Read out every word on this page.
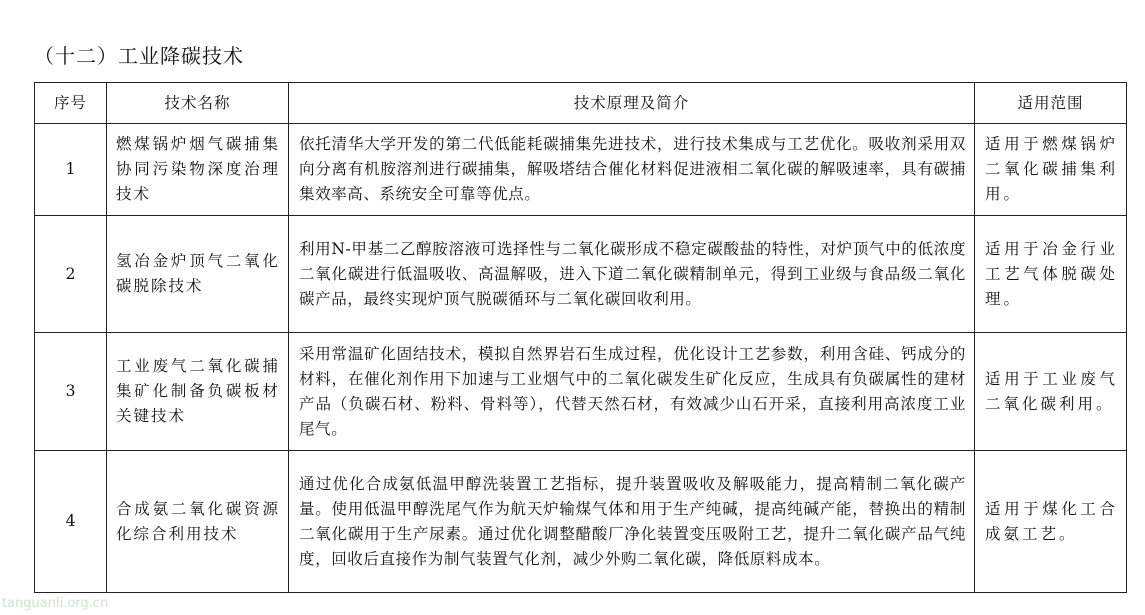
（十二）工业降碳技术
序号	技术名称	技术原理及简介	适用范围
1	燃煤锅炉烟气碳捕集协同污染物深度治理技术	依托清华大学开发的第二代低能耗碳捕集先进技术，进行技术集成与工艺优化。吸收剂采用双向分离有机胺溶剂进行碳捕集，解吸塔结合催化材料促进液相二氧化碳的解吸速率，具有碳捕集效率高、系统安全可靠等优点。	适用于燃煤锅炉二氧化碳捕集利用。
2	氢冶金炉顶气二氧化碳脱除技术	利用N-甲基二乙醇胺溶液可选择性与二氧化碳形成不稳定碳酸盐的特性，对炉顶气中的低浓度二氧化碳进行低温吸收、高温解吸，进入下道二氧化碳精制单元，得到工业级与食品级二氧化碳产品，最终实现炉顶气脱碳循环与二氧化碳回收利用。	适用于冶金行业工艺气体脱碳处理。
3	工业废气二氧化碳捕集矿化制备负碳板材关键技术	采用常温矿化固结技术，模拟自然界岩石生成过程，优化设计工艺参数，利用含硅、钙成分的材料，在催化剂作用下加速与工业烟气中的二氧化碳发生矿化反应，生成具有负碳属性的建材产品（负碳石材、粉料、骨料等），代替天然石材，有效减少山石开采，直接利用高浓度工业尾气。	适用于工业废气二氧化碳利用。
4	合成氨二氧化碳资源化综合利用技术	通过优化合成氨低温甲醇洗装置工艺指标，提升装置吸收及解吸能力，提高精制二氧化碳产量。使用低温甲醇洗尾气作为航天炉输煤气体和用于生产纯碱，提高纯碱产能，替换出的精制二氧化碳用于生产尿素。通过优化调整醋酸厂净化装置变压吸附工艺，提升二氧化碳产品气纯度，回收后直接作为制气装置气化剂，减少外购二氧化碳，降低原料成本。	适用于煤化工合成氨工艺。
tanguanli.org.cn
